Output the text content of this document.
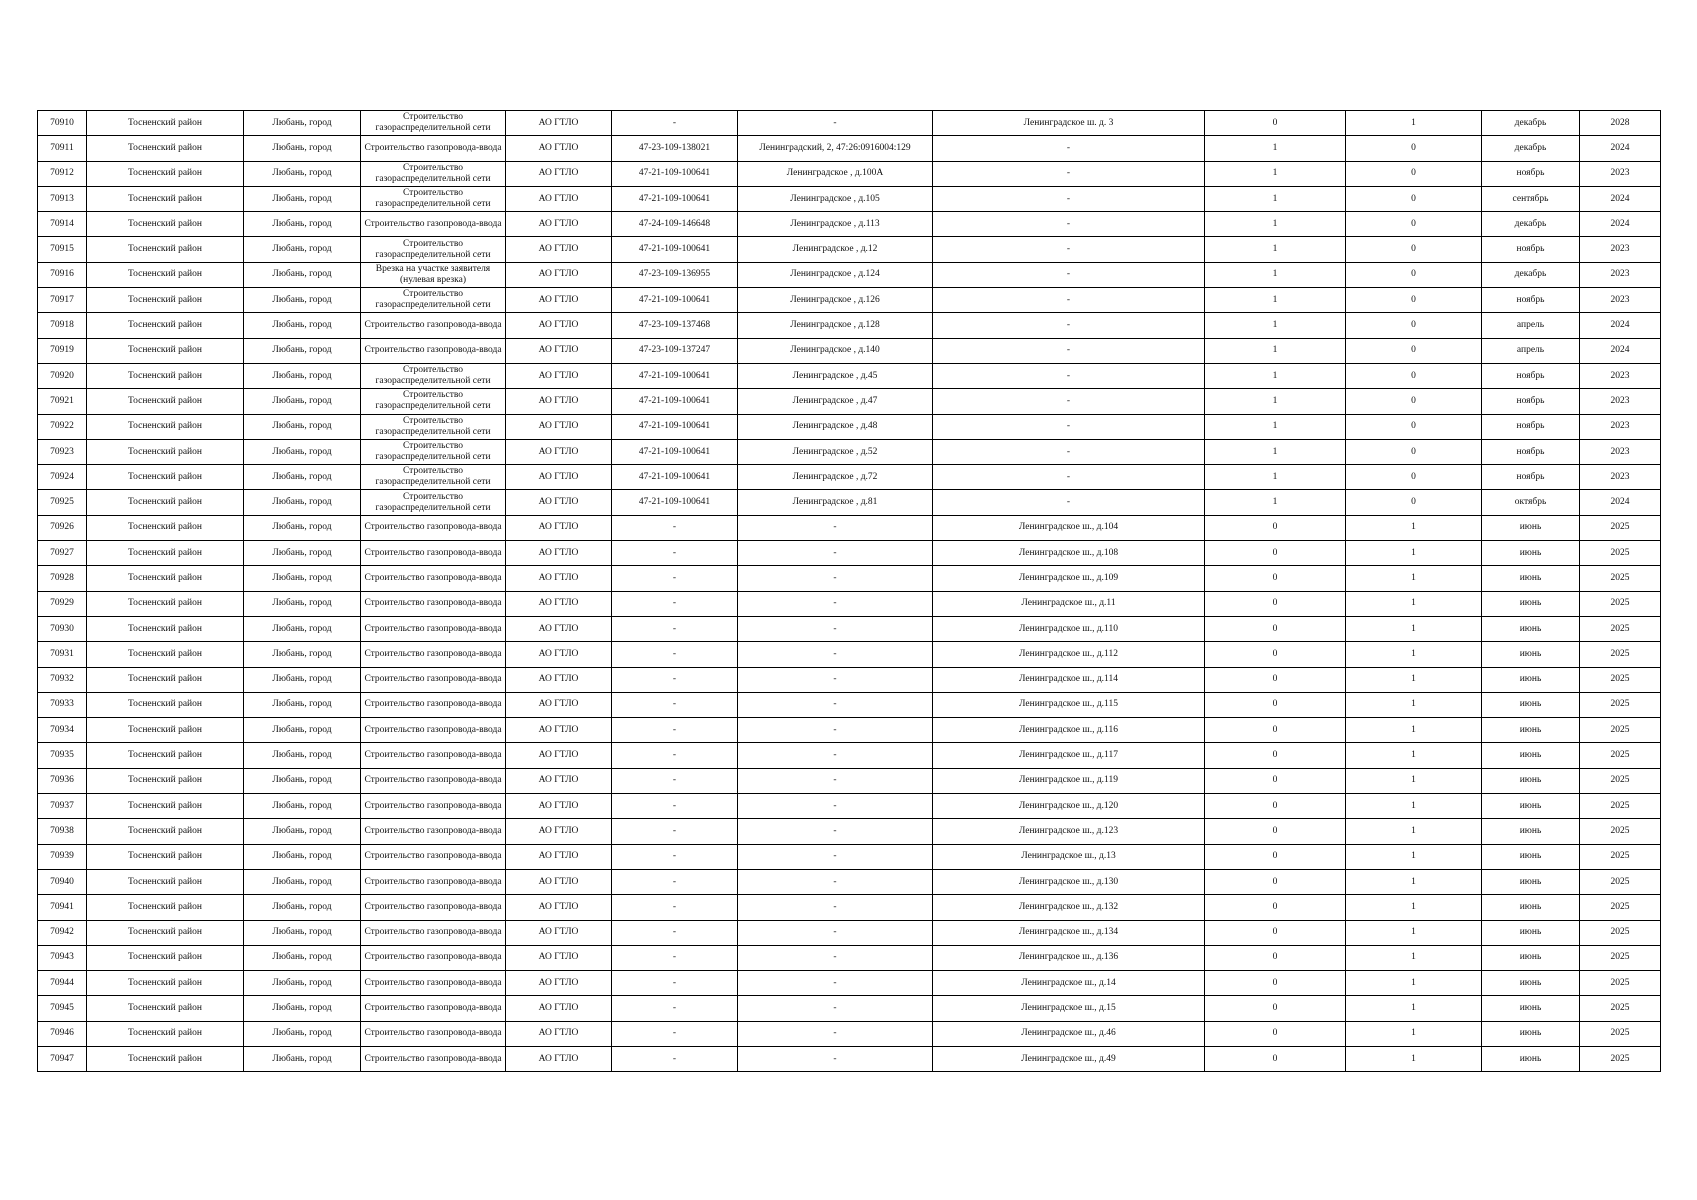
70910	Тосненский район	Любань, город	Строительство газораспределительной сети	АО ГТЛО	-	-	Ленинградское ш. д. 3	0	1	декабрь	2028
70911	Тосненский район	Любань, город	Строительство газопровода-ввода	АО ГТЛО	47-23-109-138021	Ленинградский, 2, 47:26:0916004:129	-	1	0	декабрь	2024
70912	Тосненский район	Любань, город	Строительство газораспределительной сети	АО ГТЛО	47-21-109-100641	Ленинградское , д.100А	-	1	0	ноябрь	2023
70913	Тосненский район	Любань, город	Строительство газораспределительной сети	АО ГТЛО	47-21-109-100641	Ленинградское , д.105	-	1	0	сентябрь	2024
70914	Тосненский район	Любань, город	Строительство газопровода-ввода	АО ГТЛО	47-24-109-146648	Ленинградское , д.113	-	1	0	декабрь	2024
70915	Тосненский район	Любань, город	Строительство газораспределительной сети	АО ГТЛО	47-21-109-100641	Ленинградское , д.12	-	1	0	ноябрь	2023
70916	Тосненский район	Любань, город	Врезка на участке заявителя (нулевая врезка)	АО ГТЛО	47-23-109-136955	Ленинградское , д.124	-	1	0	декабрь	2023
70917	Тосненский район	Любань, город	Строительство газораспределительной сети	АО ГТЛО	47-21-109-100641	Ленинградское , д.126	-	1	0	ноябрь	2023
70918	Тосненский район	Любань, город	Строительство газопровода-ввода	АО ГТЛО	47-23-109-137468	Ленинградское , д.128	-	1	0	апрель	2024
70919	Тосненский район	Любань, город	Строительство газопровода-ввода	АО ГТЛО	47-23-109-137247	Ленинградское , д.140	-	1	0	апрель	2024
70920	Тосненский район	Любань, город	Строительство газораспределительной сети	АО ГТЛО	47-21-109-100641	Ленинградское , д.45	-	1	0	ноябрь	2023
70921	Тосненский район	Любань, город	Строительство газораспределительной сети	АО ГТЛО	47-21-109-100641	Ленинградское , д.47	-	1	0	ноябрь	2023
70922	Тосненский район	Любань, город	Строительство газораспределительной сети	АО ГТЛО	47-21-109-100641	Ленинградское , д.48	-	1	0	ноябрь	2023
70923	Тосненский район	Любань, город	Строительство газораспределительной сети	АО ГТЛО	47-21-109-100641	Ленинградское , д.52	-	1	0	ноябрь	2023
70924	Тосненский район	Любань, город	Строительство газораспределительной сети	АО ГТЛО	47-21-109-100641	Ленинградское , д.72	-	1	0	ноябрь	2023
70925	Тосненский район	Любань, город	Строительство газораспределительной сети	АО ГТЛО	47-21-109-100641	Ленинградское , д.81	-	1	0	октябрь	2024
70926	Тосненский район	Любань, город	Строительство газопровода-ввода	АО ГТЛО	-	-	Ленинградское ш., д.104	0	1	июнь	2025
70927	Тосненский район	Любань, город	Строительство газопровода-ввода	АО ГТЛО	-	-	Ленинградское ш., д.108	0	1	июнь	2025
70928	Тосненский район	Любань, город	Строительство газопровода-ввода	АО ГТЛО	-	-	Ленинградское ш., д.109	0	1	июнь	2025
70929	Тосненский район	Любань, город	Строительство газопровода-ввода	АО ГТЛО	-	-	Ленинградское ш., д.11	0	1	июнь	2025
70930	Тосненский район	Любань, город	Строительство газопровода-ввода	АО ГТЛО	-	-	Ленинградское ш., д.110	0	1	июнь	2025
70931	Тосненский район	Любань, город	Строительство газопровода-ввода	АО ГТЛО	-	-	Ленинградское ш., д.112	0	1	июнь	2025
70932	Тосненский район	Любань, город	Строительство газопровода-ввода	АО ГТЛО	-	-	Ленинградское ш., д.114	0	1	июнь	2025
70933	Тосненский район	Любань, город	Строительство газопровода-ввода	АО ГТЛО	-	-	Ленинградское ш., д.115	0	1	июнь	2025
70934	Тосненский район	Любань, город	Строительство газопровода-ввода	АО ГТЛО	-	-	Ленинградское ш., д.116	0	1	июнь	2025
70935	Тосненский район	Любань, город	Строительство газопровода-ввода	АО ГТЛО	-	-	Ленинградское ш., д.117	0	1	июнь	2025
70936	Тосненский район	Любань, город	Строительство газопровода-ввода	АО ГТЛО	-	-	Ленинградское ш., д.119	0	1	июнь	2025
70937	Тосненский район	Любань, город	Строительство газопровода-ввода	АО ГТЛО	-	-	Ленинградское ш., д.120	0	1	июнь	2025
70938	Тосненский район	Любань, город	Строительство газопровода-ввода	АО ГТЛО	-	-	Ленинградское ш., д.123	0	1	июнь	2025
70939	Тосненский район	Любань, город	Строительство газопровода-ввода	АО ГТЛО	-	-	Ленинградское ш., д.13	0	1	июнь	2025
70940	Тосненский район	Любань, город	Строительство газопровода-ввода	АО ГТЛО	-	-	Ленинградское ш., д.130	0	1	июнь	2025
70941	Тосненский район	Любань, город	Строительство газопровода-ввода	АО ГТЛО	-	-	Ленинградское ш., д.132	0	1	июнь	2025
70942	Тосненский район	Любань, город	Строительство газопровода-ввода	АО ГТЛО	-	-	Ленинградское ш., д.134	0	1	июнь	2025
70943	Тосненский район	Любань, город	Строительство газопровода-ввода	АО ГТЛО	-	-	Ленинградское ш., д.136	0	1	июнь	2025
70944	Тосненский район	Любань, город	Строительство газопровода-ввода	АО ГТЛО	-	-	Ленинградское ш., д.14	0	1	июнь	2025
70945	Тосненский район	Любань, город	Строительство газопровода-ввода	АО ГТЛО	-	-	Ленинградское ш., д.15	0	1	июнь	2025
70946	Тосненский район	Любань, город	Строительство газопровода-ввода	АО ГТЛО	-	-	Ленинградское ш., д.46	0	1	июнь	2025
70947	Тосненский район	Любань, город	Строительство газопровода-ввода	АО ГТЛО	-	-	Ленинградское ш., д.49	0	1	июнь	2025
